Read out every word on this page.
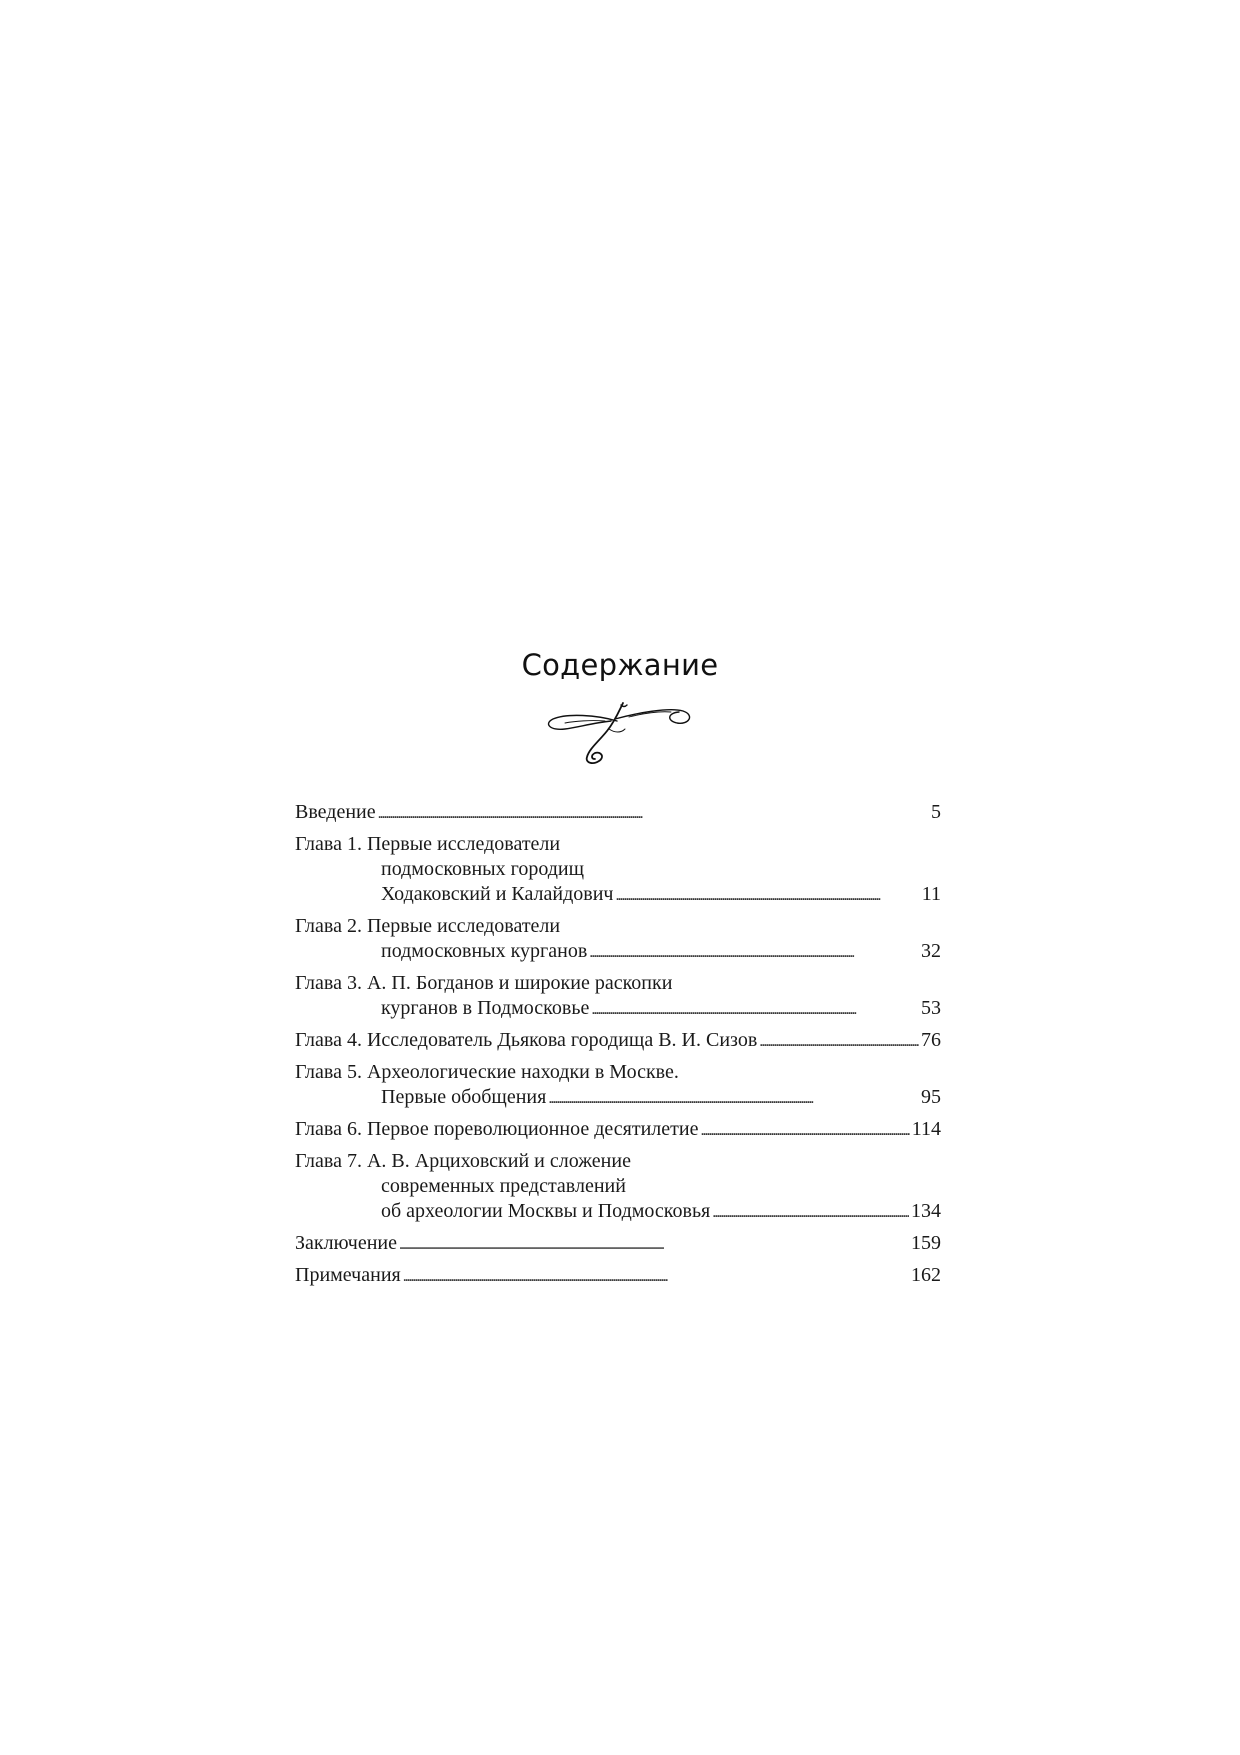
Содержание
Введение . . .	5
Глава 1. Первые исследователи
подмосковных городищ
Ходаковский и Калайдович . . .	11
Глава 2. Первые исследователи
подмосковных курганов . . .	32
Глава 3. А. П. Богданов и широкие раскопки
курганов в Подмосковье . . .	53
Глава 4. Исследователь Дьякова городища В. И. Сизов . . .	76
Глава 5. Археологические находки в Москве.
Первые обобщения . . .	95
Глава 6. Первое пореволюционное десятилетие . . .	114
Глава 7. А. В. Арциховский и сложение
современных представлений
об археологии Москвы и Подмосковья . . .	134
Заключение . . .	159
Примечания . . .	162
